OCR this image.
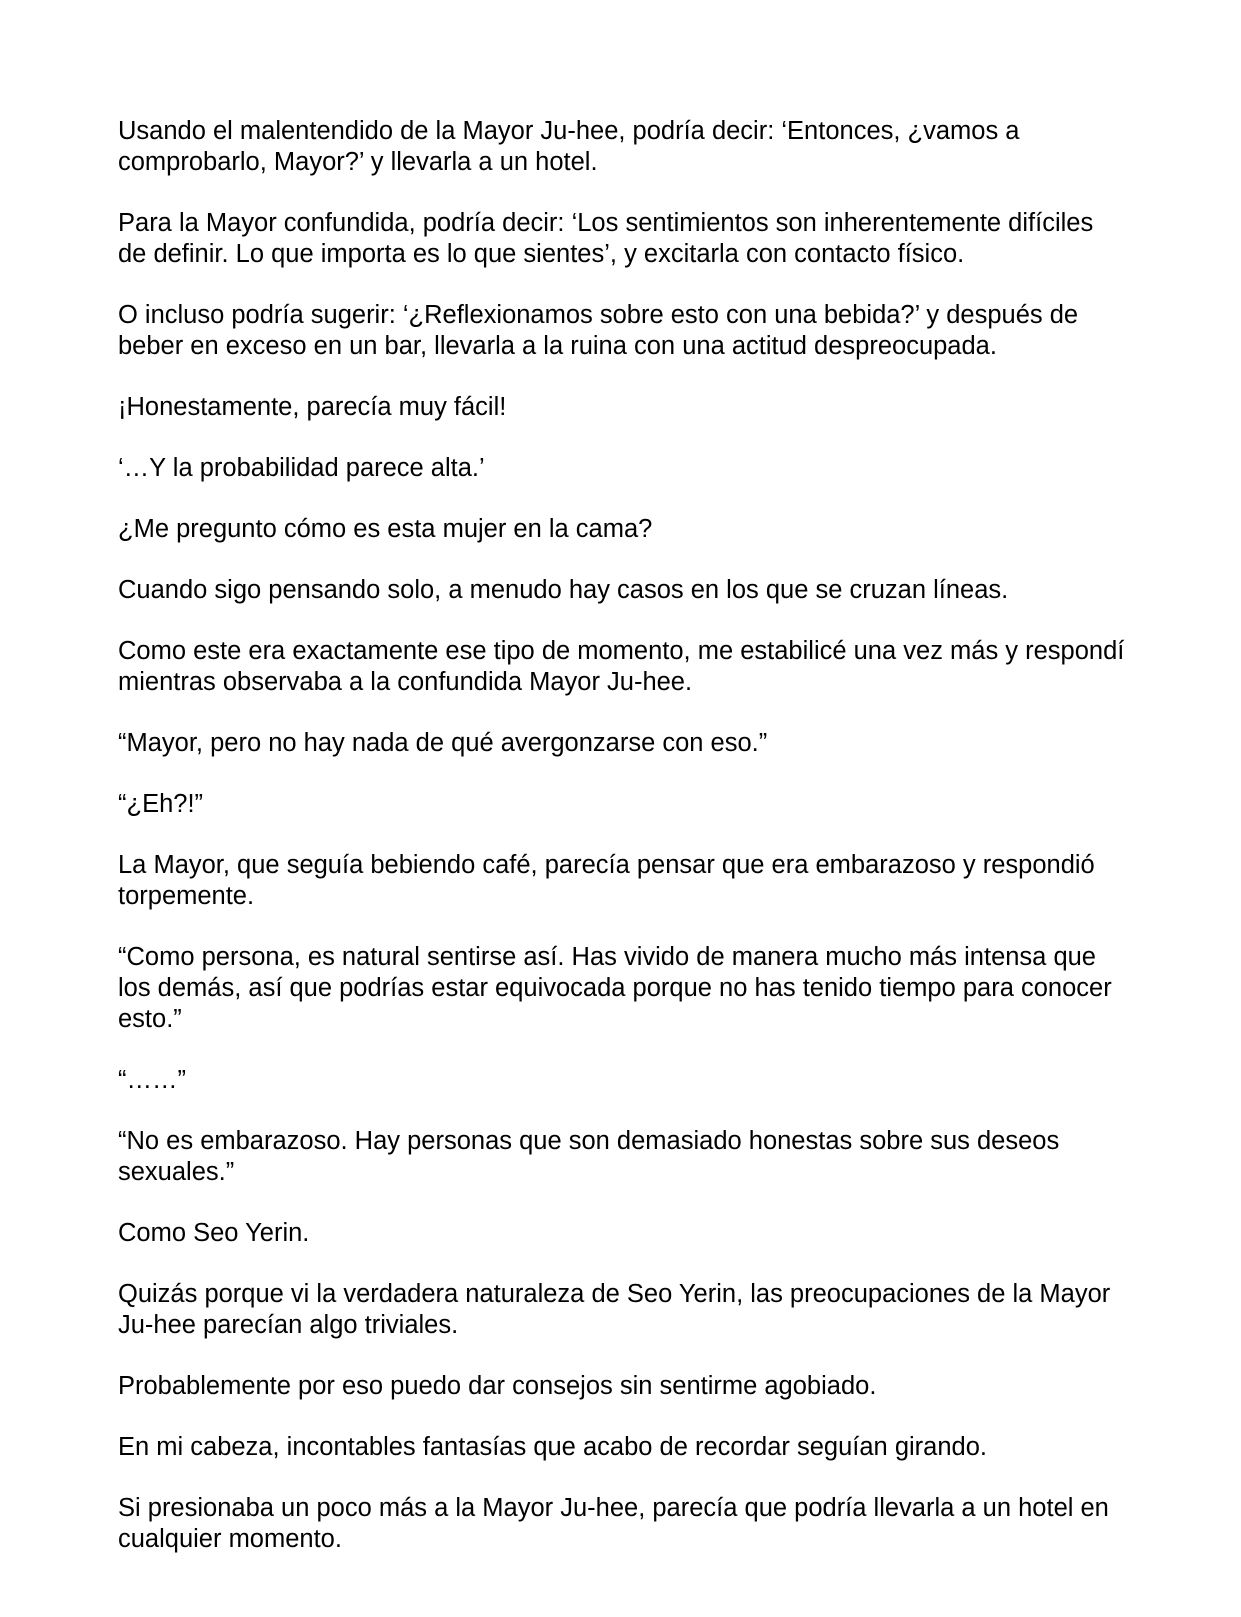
Usando el malentendido de la Mayor Ju-hee, podría decir: ‘Entonces, ¿vamos a comprobarlo, Mayor?’ y llevarla a un hotel.

Para la Mayor confundida, podría decir: ‘Los sentimientos son inherentemente difíciles de definir. Lo que importa es lo que sientes’, y excitarla con contacto físico.

O incluso podría sugerir: ‘¿Reflexionamos sobre esto con una bebida?’ y después de beber en exceso en un bar, llevarla a la ruina con una actitud despreocupada.

¡Honestamente, parecía muy fácil!

‘…Y la probabilidad parece alta.’

¿Me pregunto cómo es esta mujer en la cama?

Cuando sigo pensando solo, a menudo hay casos en los que se cruzan líneas.

Como este era exactamente ese tipo de momento, me estabilicé una vez más y respondí mientras observaba a la confundida Mayor Ju-hee.

“Mayor, pero no hay nada de qué avergonzarse con eso.”

“¿Eh?!”

La Mayor, que seguía bebiendo café, parecía pensar que era embarazoso y respondió torpemente.

“Como persona, es natural sentirse así. Has vivido de manera mucho más intensa que los demás, así que podrías estar equivocada porque no has tenido tiempo para conocer esto.”

“……”

“No es embarazoso. Hay personas que son demasiado honestas sobre sus deseos sexuales.”

Como Seo Yerin.

Quizás porque vi la verdadera naturaleza de Seo Yerin, las preocupaciones de la Mayor Ju-hee parecían algo triviales.

Probablemente por eso puedo dar consejos sin sentirme agobiado.

En mi cabeza, incontables fantasías que acabo de recordar seguían girando.

Si presionaba un poco más a la Mayor Ju-hee, parecía que podría llevarla a un hotel en cualquier momento.
